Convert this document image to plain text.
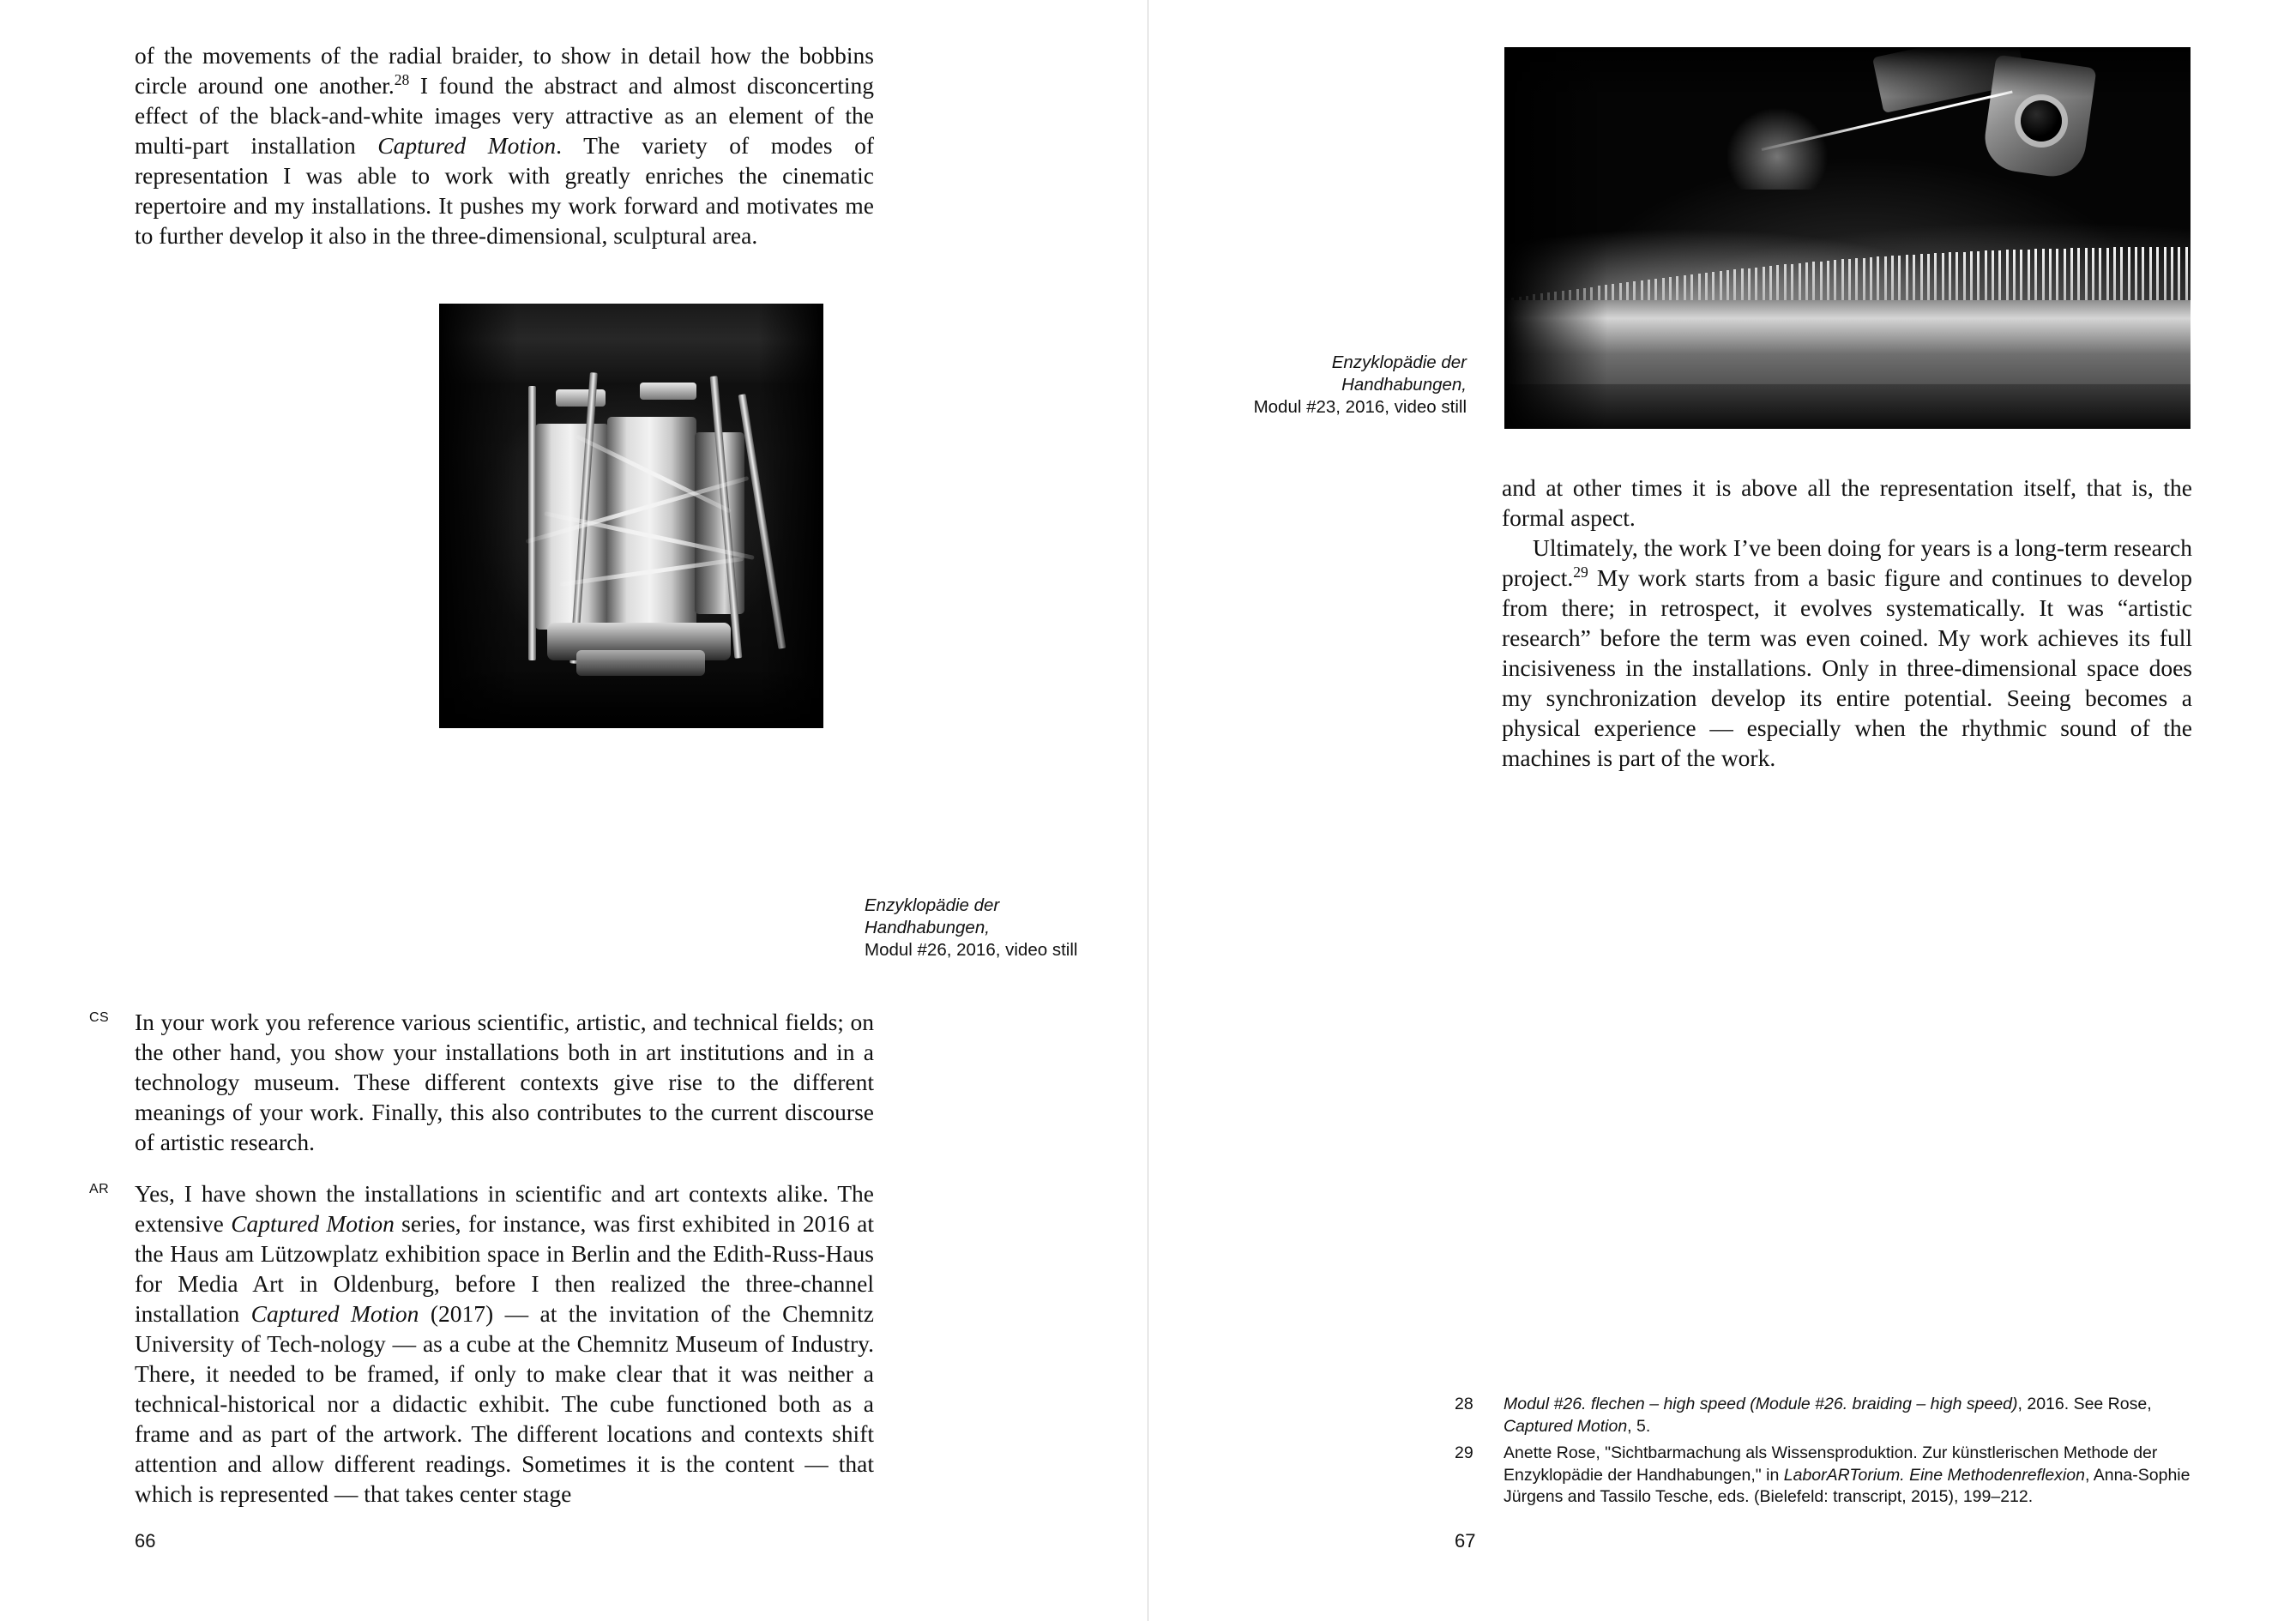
of the movements of the radial braider, to show in detail how the bobbins circle around one another.$^{28}$ I found the abstract and almost disconcerting effect of the black-and-white images very attractive as an element of the multi-part installation Captured Motion. The variety of modes of representation I was able to work with greatly enriches the cinematic repertoire and my installations. It pushes my work forward and motivates me to further develop it also in the three-dimensional, sculptural area.
Enzyklopädie der Handhabungen,
Modul #26, 2016, video still
CS In your work you reference various scientific, artistic, and technical fields; on the other hand, you show your installations both in art institutions and in a technology museum. These different contexts give rise to the different meanings of your work. Finally, this also contributes to the current discourse of artistic research.
AR Yes, I have shown the installations in scientific and art contexts alike. The extensive Captured Motion series, for instance, was first exhibited in 2016 at the Haus am Lützowplatz exhibition space in Berlin and the Edith-Russ-Haus for Media Art in Oldenburg, before I then realized the three-channel installation Captured Motion (2017) — at the invitation of the Chemnitz University of Tech-nology — as a cube at the Chemnitz Museum of Industry. There, it needed to be framed, if only to make clear that it was neither a technical-historical nor a didactic exhibit. The cube functioned both as a frame and as part of the artwork. The different locations and contexts shift attention and allow different readings. Sometimes it is the content — that which is represented — that takes center stage
66
Enzyklopädie der Handhabungen,
Modul #23, 2016, video still
and at other times it is above all the representation itself, that is, the formal aspect.
Ultimately, the work I’ve been doing for years is a long-term research project.$^{29}$ My work starts from a basic figure and continues to develop from there; in retrospect, it evolves systematically. It was “artistic research” before the term was even coined. My work achieves its full incisiveness in the installations. Only in three-dimensional space does my synchronization develop its entire potential. Seeing becomes a physical experience — especially when the rhythmic sound of the machines is part of the work.
28 Modul #26. flechen – high speed (Module #26. braiding – high speed), 2016. See Rose, Captured Motion, 5.
29 Anette Rose, "Sichtbarmachung als Wissensproduktion. Zur künstlerischen Methode der Enzyklopädie der Handhabungen," in LaborARTorium. Eine Methodenreflexion, Anna-Sophie Jürgens and Tassilo Tesche, eds. (Bielefeld: transcript, 2015), 199–212.
67
